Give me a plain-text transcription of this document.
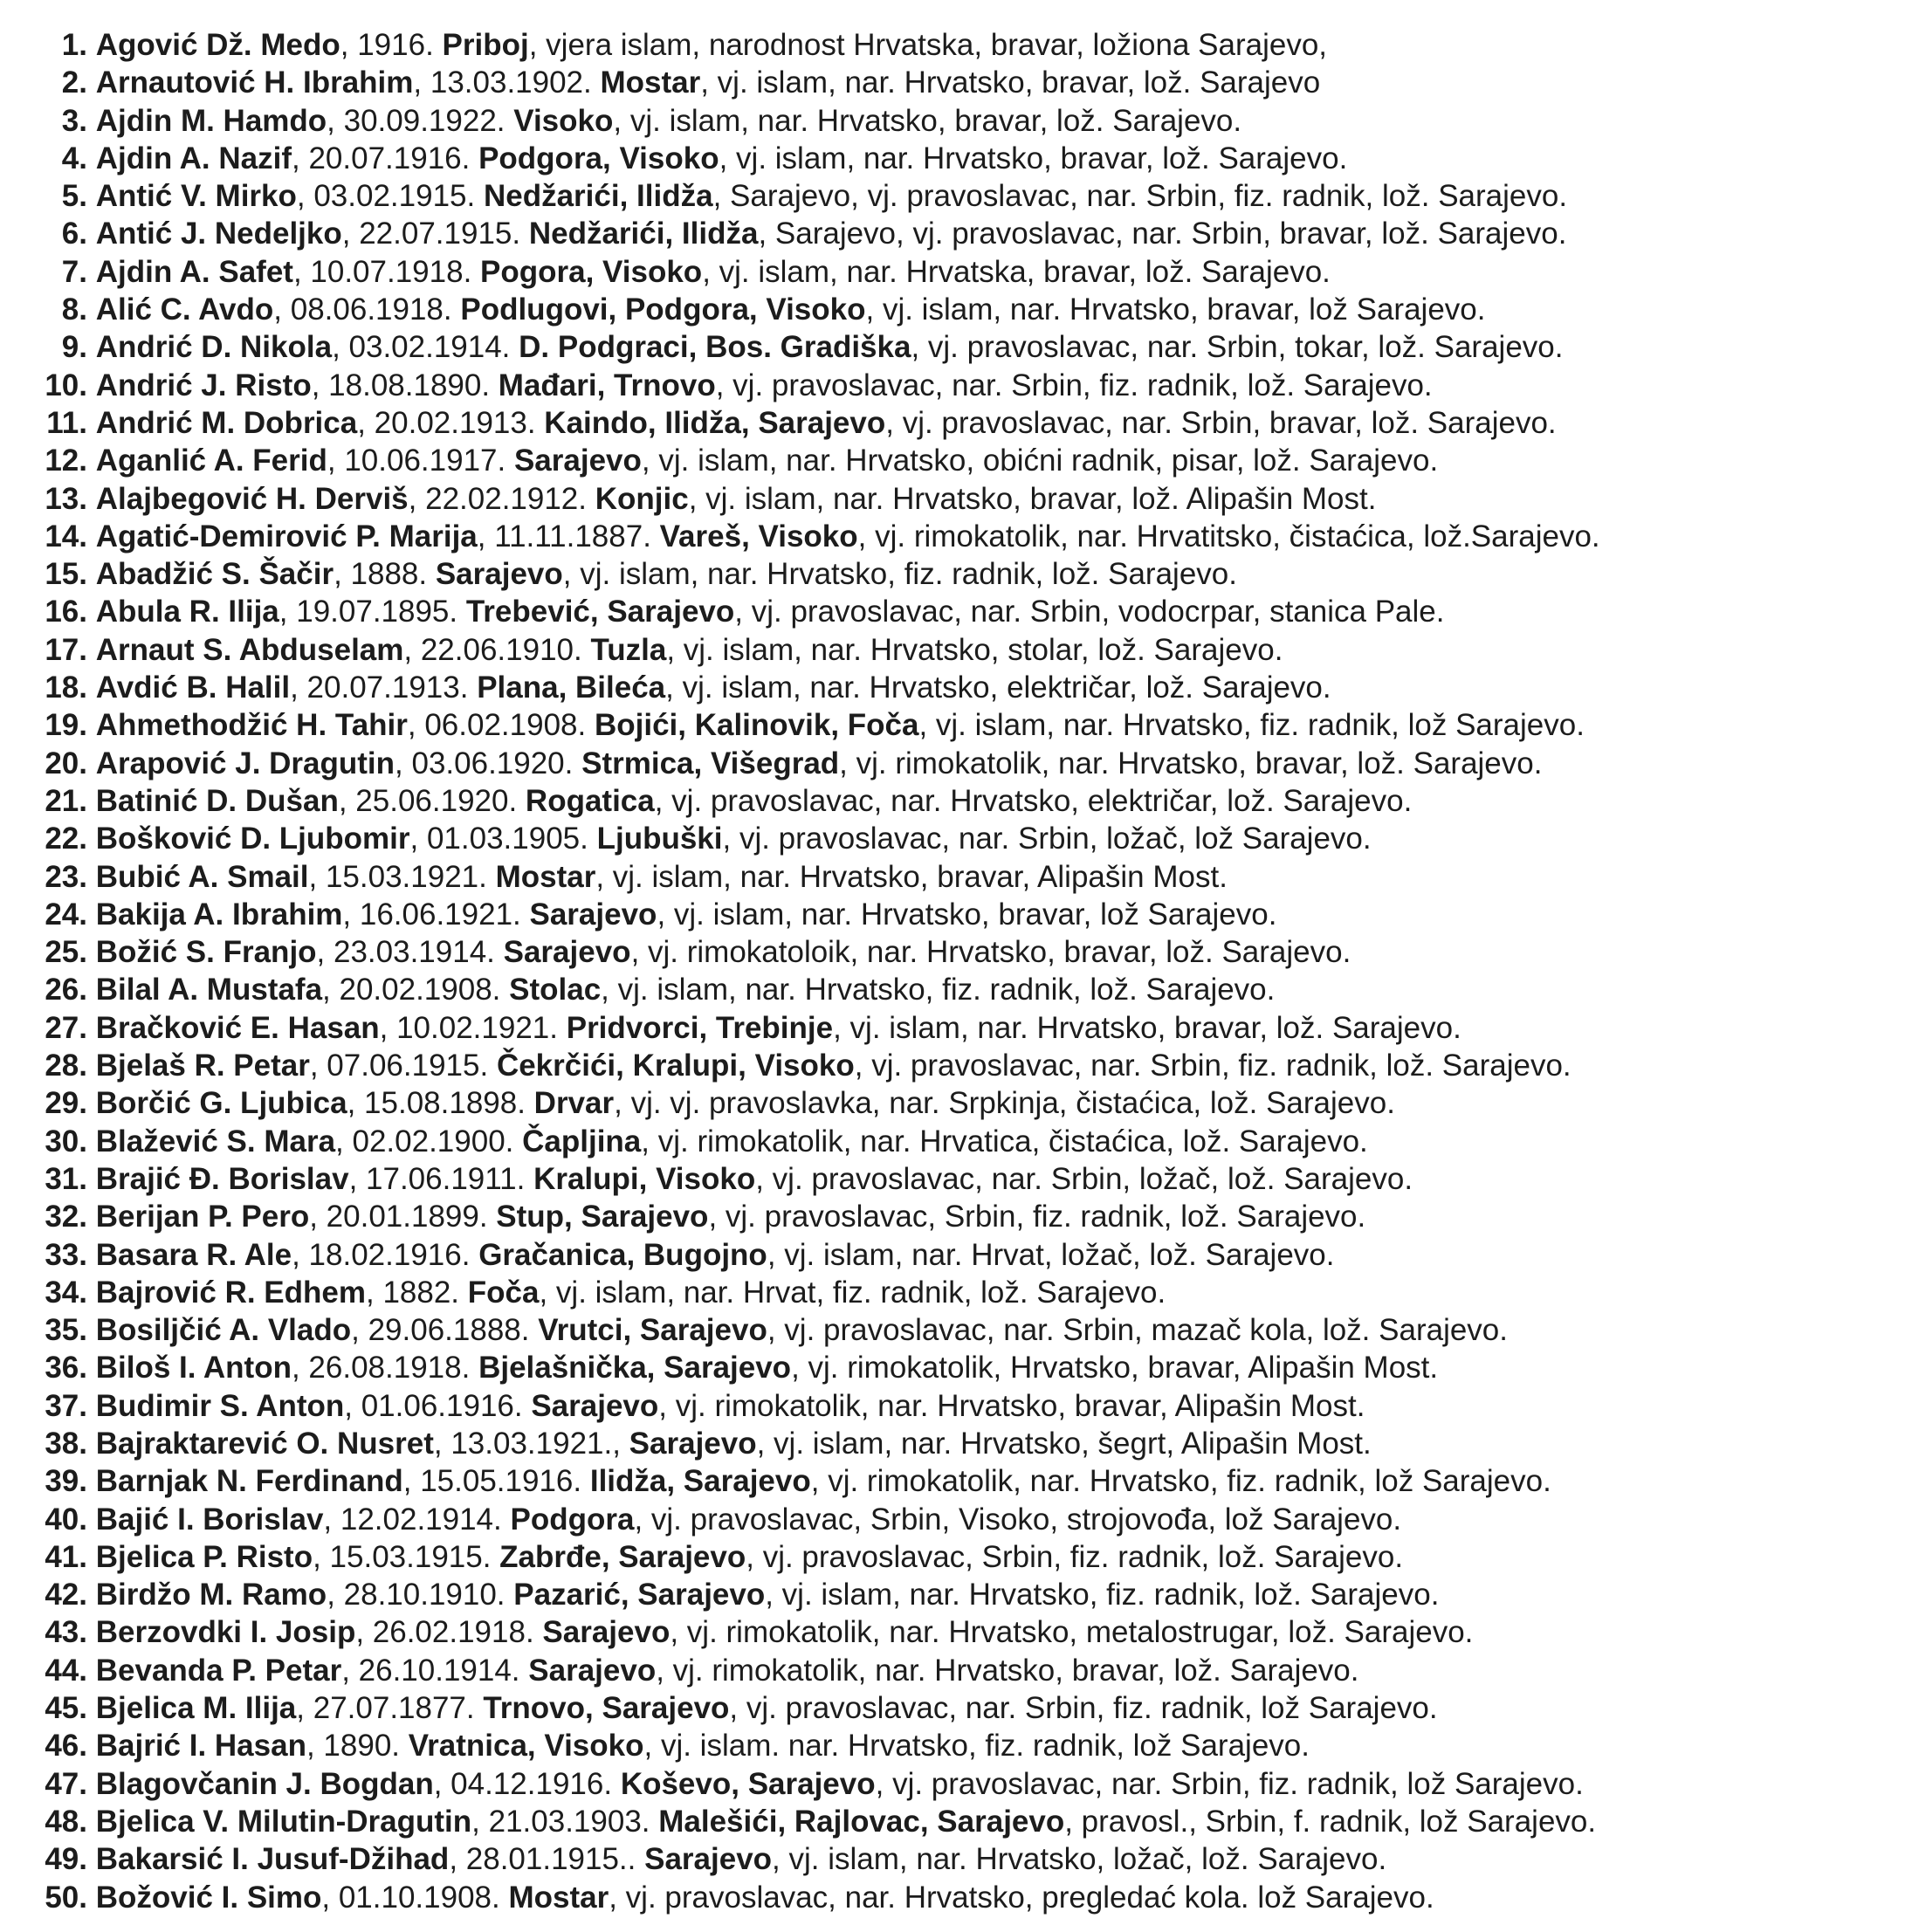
1. Agović Dž. Medo, 1916. Priboj, vjera islam, narodnost Hrvatska, bravar, ložiona Sarajevo,
2. Arnautović H. Ibrahim, 13.03.1902. Mostar, vj. islam, nar. Hrvatsko, bravar, lož. Sarajevo
3. Ajdin M. Hamdo, 30.09.1922. Visoko, vj. islam, nar. Hrvatsko, bravar, lož. Sarajevo.
4. Ajdin A. Nazif, 20.07.1916. Podgora, Visoko, vj. islam, nar. Hrvatsko, bravar, lož. Sarajevo.
5. Antić V. Mirko, 03.02.1915. Nedžarići, Ilidža, Sarajevo, vj. pravoslavac, nar. Srbin, fiz. radnik, lož. Sarajevo.
6. Antić J. Nedeljko, 22.07.1915. Nedžarići, Ilidža, Sarajevo, vj. pravoslavac, nar. Srbin, bravar, lož. Sarajevo.
7. Ajdin A. Safet, 10.07.1918. Pogora, Visoko, vj. islam, nar. Hrvatska, bravar, lož. Sarajevo.
8. Alić C. Avdo, 08.06.1918. Podlugovi, Podgora, Visoko, vj. islam, nar. Hrvatsko, bravar, lož Sarajevo.
9. Andrić D. Nikola, 03.02.1914. D. Podgraci, Bos. Gradiška, vj. pravoslavac, nar. Srbin, tokar, lož. Sarajevo.
10. Andrić J. Risto, 18.08.1890. Mađari, Trnovo, vj. pravoslavac, nar. Srbin, fiz. radnik, lož. Sarajevo.
11. Andrić M. Dobrica, 20.02.1913. Kaindo, Ilidža, Sarajevo, vj. pravoslavac, nar. Srbin, bravar, lož. Sarajevo.
12. Aganlić A. Ferid, 10.06.1917. Sarajevo, vj. islam, nar. Hrvatsko, obićni radnik, pisar, lož. Sarajevo.
13. Alajbegović H. Derviš, 22.02.1912. Konjic, vj. islam, nar. Hrvatsko, bravar, lož. Alipašin Most.
14. Agatić-Demirović P. Marija, 11.11.1887. Vareš, Visoko, vj. rimokatolik, nar. Hrvatitsko, čistaćica, lož.Sarajevo.
15. Abadžić S. Šačir, 1888. Sarajevo, vj. islam, nar. Hrvatsko, fiz. radnik, lož. Sarajevo.
16. Abula R. Ilija, 19.07.1895. Trebević, Sarajevo, vj. pravoslavac, nar. Srbin, vodocrpar, stanica Pale.
17. Arnaut S. Abduselam, 22.06.1910. Tuzla, vj. islam, nar. Hrvatsko, stolar, lož. Sarajevo.
18. Avdić B. Halil, 20.07.1913. Plana, Bileća, vj. islam, nar. Hrvatsko, električar, lož. Sarajevo.
19. Ahmethodžić H. Tahir, 06.02.1908. Bojići, Kalinovik, Foča, vj. islam, nar. Hrvatsko, fiz. radnik, lož Sarajevo.
20. Arapović J. Dragutin, 03.06.1920. Strmica, Višegrad, vj. rimokatolik, nar. Hrvatsko, bravar, lož. Sarajevo.
21. Batinić D. Dušan, 25.06.1920. Rogatica, vj. pravoslavac, nar. Hrvatsko, električar, lož. Sarajevo.
22. Bošković D. Ljubomir, 01.03.1905. Ljubuški, vj. pravoslavac, nar. Srbin, ložač, lož Sarajevo.
23. Bubić A. Smail, 15.03.1921. Mostar, vj. islam, nar. Hrvatsko, bravar, Alipašin Most.
24. Bakija A. Ibrahim, 16.06.1921. Sarajevo, vj. islam, nar. Hrvatsko, bravar, lož Sarajevo.
25. Božić S. Franjo, 23.03.1914. Sarajevo, vj. rimokatoloik, nar. Hrvatsko, bravar, lož. Sarajevo.
26. Bilal A. Mustafa, 20.02.1908. Stolac, vj. islam, nar. Hrvatsko, fiz. radnik, lož. Sarajevo.
27. Bračković E. Hasan, 10.02.1921. Pridvorci, Trebinje, vj. islam, nar. Hrvatsko, bravar, lož. Sarajevo.
28. Bjelaš R. Petar, 07.06.1915. Čekrčići, Kralupi, Visoko, vj. pravoslavac, nar. Srbin, fiz. radnik, lož. Sarajevo.
29. Borčić G. Ljubica, 15.08.1898. Drvar, vj. vj. pravoslavka, nar. Srpkinja, čistaćica, lož. Sarajevo.
30. Blažević S. Mara, 02.02.1900. Čapljina, vj. rimokatolik, nar. Hrvatica, čistaćica, lož. Sarajevo.
31. Brajić Đ. Borislav, 17.06.1911. Kralupi, Visoko, vj. pravoslavac, nar. Srbin, ložač, lož. Sarajevo.
32. Berijan P. Pero, 20.01.1899. Stup, Sarajevo, vj. pravoslavac, Srbin, fiz. radnik, lož. Sarajevo.
33. Basara R. Ale, 18.02.1916. Gračanica, Bugojno, vj. islam, nar. Hrvat, ložač, lož. Sarajevo.
34. Bajrović R. Edhem, 1882. Foča, vj. islam, nar. Hrvat, fiz. radnik, lož. Sarajevo.
35. Bosiljčić A. Vlado, 29.06.1888. Vrutci, Sarajevo, vj. pravoslavac, nar. Srbin, mazač kola, lož. Sarajevo.
36. Biloš I. Anton, 26.08.1918. Bjelašnička, Sarajevo, vj. rimokatolik, Hrvatsko, bravar, Alipašin Most.
37. Budimir S. Anton, 01.06.1916. Sarajevo, vj. rimokatolik, nar. Hrvatsko, bravar, Alipašin Most.
38. Bajraktarević O. Nusret, 13.03.1921., Sarajevo, vj. islam, nar. Hrvatsko, šegrt, Alipašin Most.
39. Barnjak N. Ferdinand, 15.05.1916. Ilidža, Sarajevo, vj. rimokatolik, nar. Hrvatsko, fiz. radnik, lož Sarajevo.
40. Bajić I. Borislav, 12.02.1914. Podgora, vj. pravoslavac, Srbin, Visoko, strojovođa, lož Sarajevo.
41. Bjelica P. Risto, 15.03.1915. Zabrđe, Sarajevo, vj. pravoslavac, Srbin, fiz. radnik, lož. Sarajevo.
42. Birdžo M. Ramo, 28.10.1910. Pazarić, Sarajevo, vj. islam, nar. Hrvatsko, fiz. radnik, lož. Sarajevo.
43. Berzovdki I. Josip, 26.02.1918. Sarajevo, vj. rimokatolik, nar. Hrvatsko, metalostrugar, lož. Sarajevo.
44. Bevanda P. Petar, 26.10.1914. Sarajevo, vj. rimokatolik, nar. Hrvatsko, bravar, lož. Sarajevo.
45. Bjelica M. Ilija, 27.07.1877. Trnovo, Sarajevo, vj. pravoslavac, nar. Srbin, fiz. radnik, lož Sarajevo.
46. Bajrić I. Hasan, 1890. Vratnica, Visoko, vj. islam. nar. Hrvatsko, fiz. radnik, lož Sarajevo.
47. Blagovčanin J. Bogdan, 04.12.1916. Koševo, Sarajevo, vj. pravoslavac, nar. Srbin, fiz. radnik, lož Sarajevo.
48. Bjelica V. Milutin-Dragutin, 21.03.1903. Malešići, Rajlovac, Sarajevo, pravosl., Srbin, f. radnik, lož Sarajevo.
49. Bakarsić I. Jusuf-Džihad, 28.01.1915.. Sarajevo, vj. islam, nar. Hrvatsko, ložač, lož. Sarajevo.
50. Božović I. Simo, 01.10.1908. Mostar, vj. pravoslavac, nar. Hrvatsko, pregledać kola. lož Sarajevo.
